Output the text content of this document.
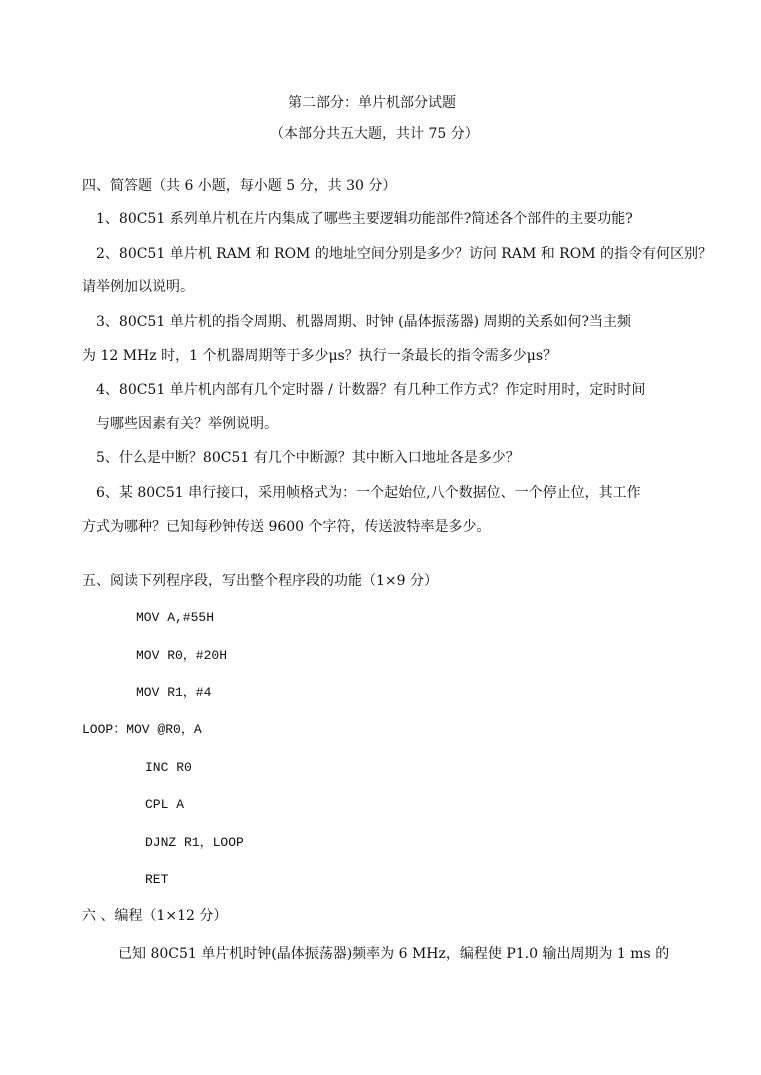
第二部分：单片机部分试题
（本部分共五大题，共计 75 分）
四、简答题（共 6 小题，每小题 5 分，共 30 分）
1、80C51 系列单片机在片内集成了哪些主要逻辑功能部件?简述各个部件的主要功能?
2、80C51 单片机 RAM 和 ROM 的地址空间分别是多少？访问 RAM 和 ROM 的指令有何区别？
请举例加以说明。
3、80C51 单片机的指令周期、机器周期、时钟 (晶体振荡器) 周期的关系如何?当主频
为 12 MHz 时，1 个机器周期等于多少μs？执行一条最长的指令需多少μs？
4、80C51 单片机内部有几个定时器 / 计数器？有几种工作方式？作定时用时，定时时间
与哪些因素有关？举例说明。
5、什么是中断？80C51 有几个中断源？其中断入口地址各是多少？
6、某 80C51 串行接口，采用帧格式为：一个起始位,八个数据位、一个停止位，其工作
方式为哪种？已知每秒钟传送 9600 个字符，传送波特率是多少。
五、阅读下列程序段，写出整个程序段的功能（1×9 分）
MOV A,#55H
MOV R0，#20H
MOV R1，#4
LOOP：MOV @R0，A
INC R0
CPL A
DJNZ R1，LOOP
RET
六 、编程（1×12 分）
已知 80C51 单片机时钟(晶体振荡器)频率为 6 MHz，编程使 P1.0 输出周期为 1 ms 的
